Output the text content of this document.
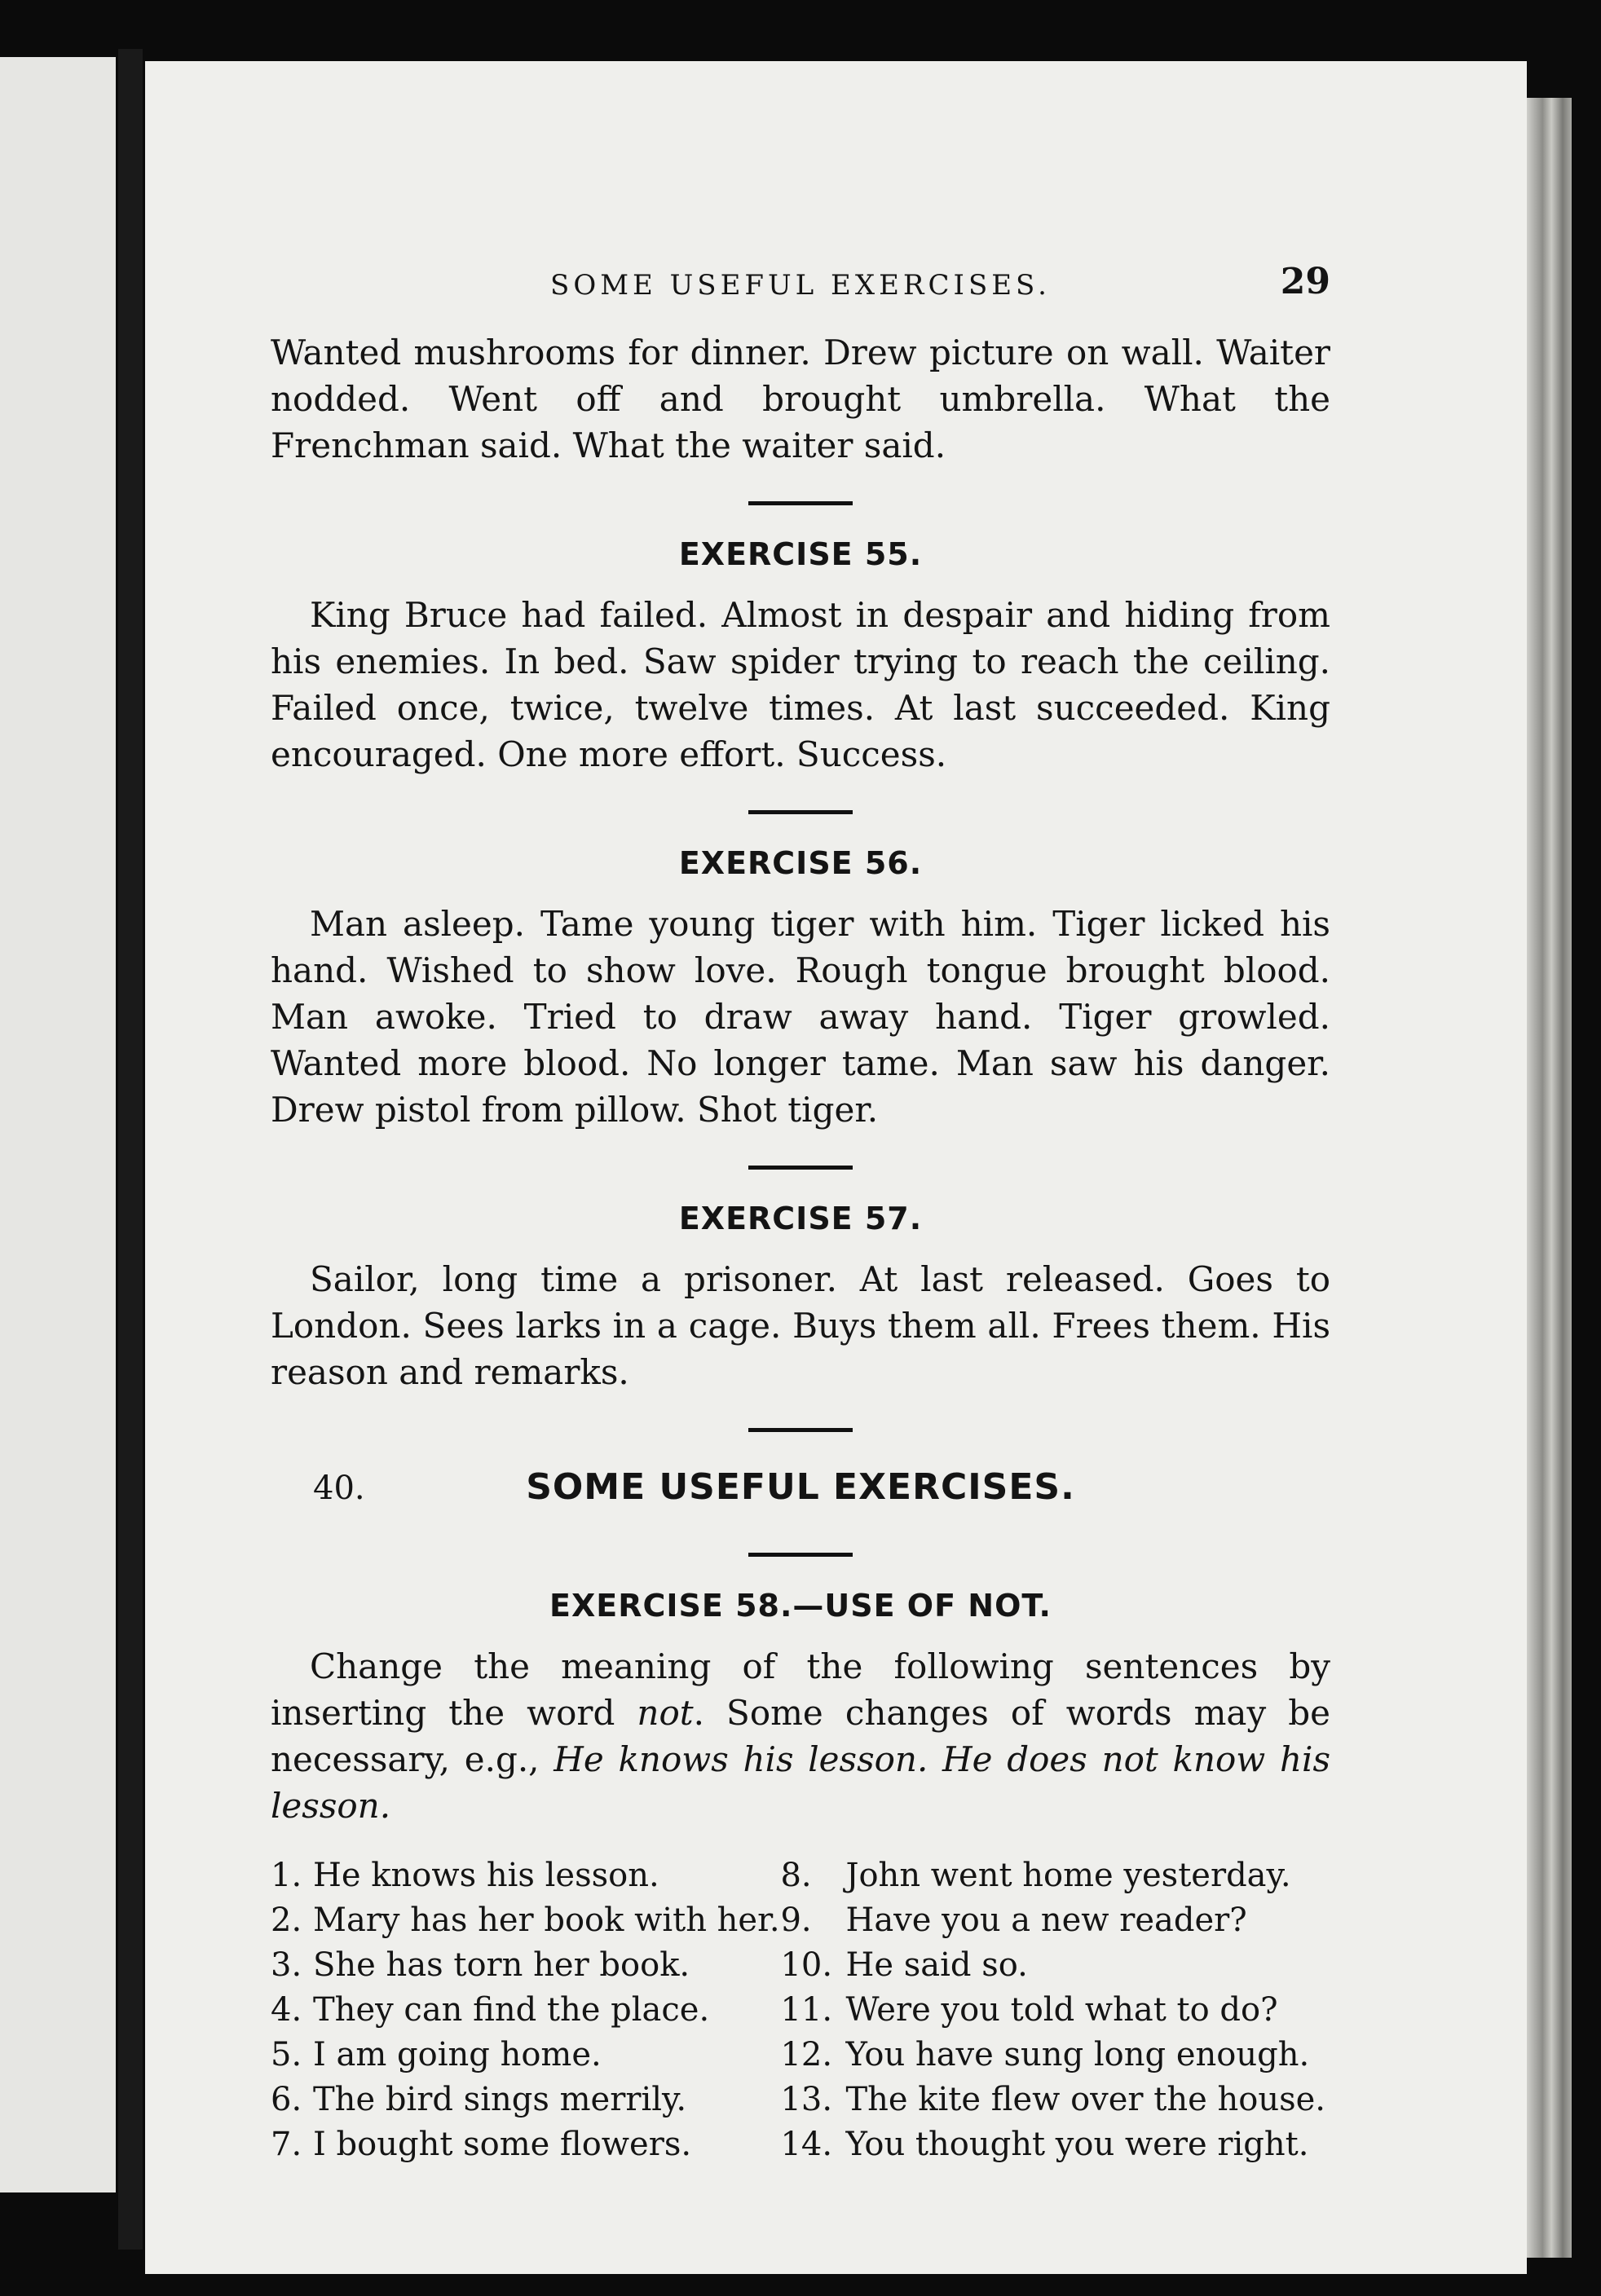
SOME USEFUL EXERCISES.	29

Wanted mushrooms for dinner. Drew picture on wall. Waiter nodded. Went off and brought umbrella. What the Frenchman said. What the waiter said.

EXERCISE 55.

King Bruce had failed. Almost in despair and hiding from his enemies. In bed. Saw spider trying to reach the ceiling. Failed once, twice, twelve times. At last succeeded. King encouraged. One more effort. Success.

EXERCISE 56.

Man asleep. Tame young tiger with him. Tiger licked his hand. Wished to show love. Rough tongue brought blood. Man awoke. Tried to draw away hand. Tiger growled. Wanted more blood. No longer tame. Man saw his danger. Drew pistol from pillow. Shot tiger.

EXERCISE 57.

Sailor, long time a prisoner. At last released. Goes to London. Sees larks in a cage. Buys them all. Frees them. His reason and remarks.

40.	SOME USEFUL EXERCISES.
EXERCISE 58.—USE OF NOT.

Change the meaning of the following sentences by inserting the word not. Some changes of words may be necessary, e.g., He knows his lesson. He does not know his lesson.

1. He knows his lesson.
2. Mary has her book with her.
3. She has torn her book.
4. They can find the place.
5. I am going home.
6. The bird sings merrily.
7. I bought some flowers.
8. John went home yesterday.
9. Have you a new reader?
10. He said so.
11. Were you told what to do?
12. You have sung long enough.
13. The kite flew over the house.
14. You thought you were right.
